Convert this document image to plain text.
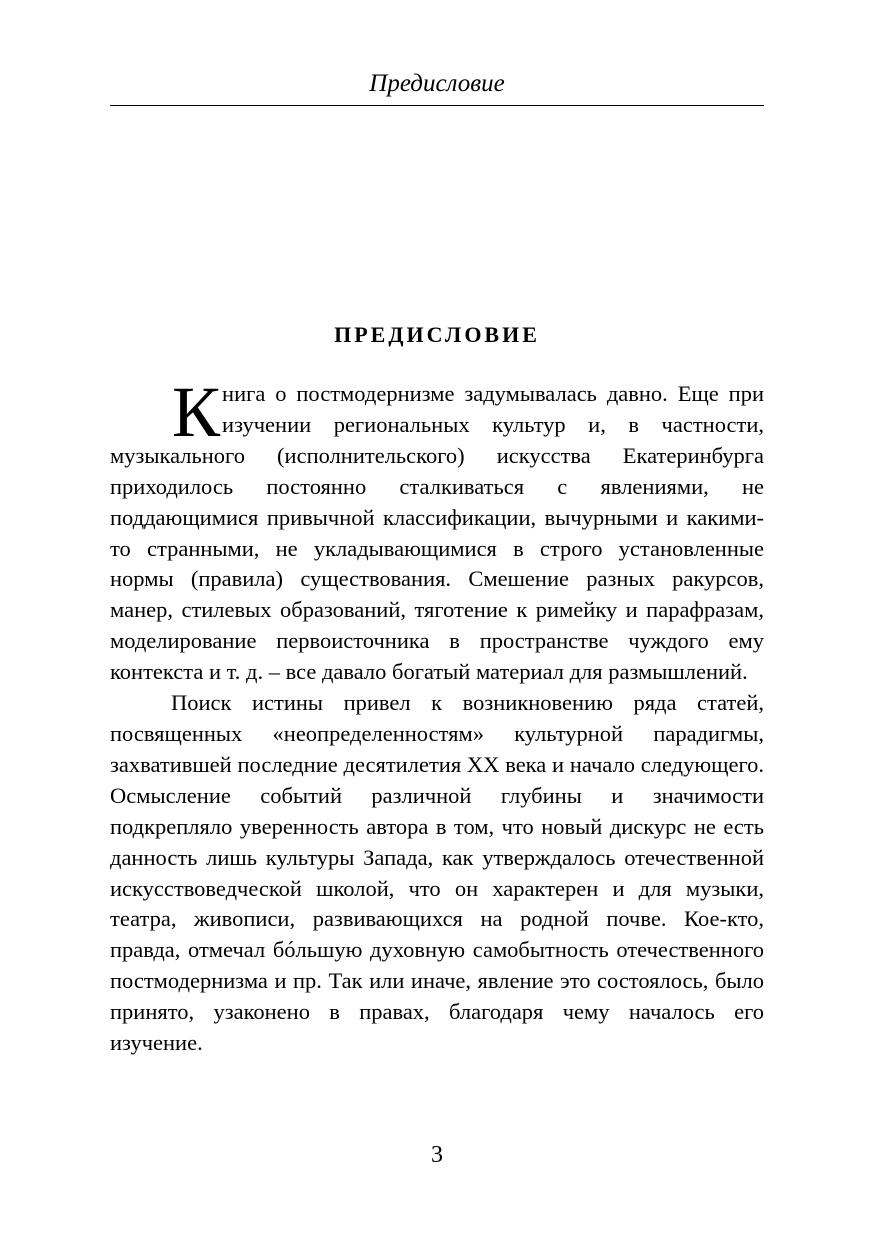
Предисловие
ПРЕДИСЛОВИЕ

Книга о постмодернизме задумывалась давно. Еще при изучении региональных культур и, в частности, музыкального (исполнительского) искусства Екатеринбурга приходилось постоянно сталкиваться с явлениями, не поддающимися привычной классификации, вычурными и какими-то странными, не укладывающимися в строго установленные нормы (правила) существования. Смешение разных ракурсов, манер, стилевых образований, тяготение к римейку и парафразам, моделирование первоисточника в пространстве чуждого ему контекста и т. д. – все давало богатый материал для размышлений.

Поиск истины привел к возникновению ряда статей, посвященных «неопределенностям» культурной парадигмы, захватившей последние десятилетия XX века и начало следующего. Осмысление событий различной глубины и значимости подкрепляло уверенность автора в том, что новый дискурс не есть данность лишь культуры Запада, как утверждалось отечественной искусствоведческой школой, что он характерен и для музыки, театра, живописи, развивающихся на родной почве. Кое-кто, правда, отмечал бóльшую духовную самобытность отечественного постмодернизма и пр. Так или иначе, явление это состоялось, было принято, узаконено в правах, благодаря чему началось его изучение.

3
